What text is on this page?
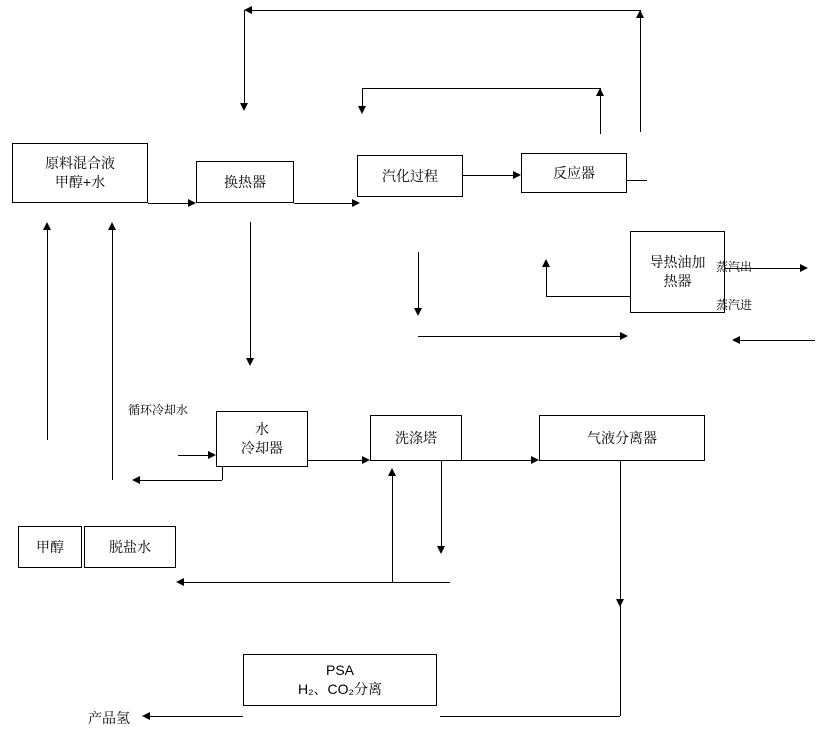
原料混合液
甲醇+水	换热器	汽化过程	反应器
导热油加
热器
水
冷却器
洗涤塔	气液分离器
甲醇	脱盐水
PSA
H₂、CO₂分离
蒸汽出
蒸汽进
循环冷却水
产品氢
